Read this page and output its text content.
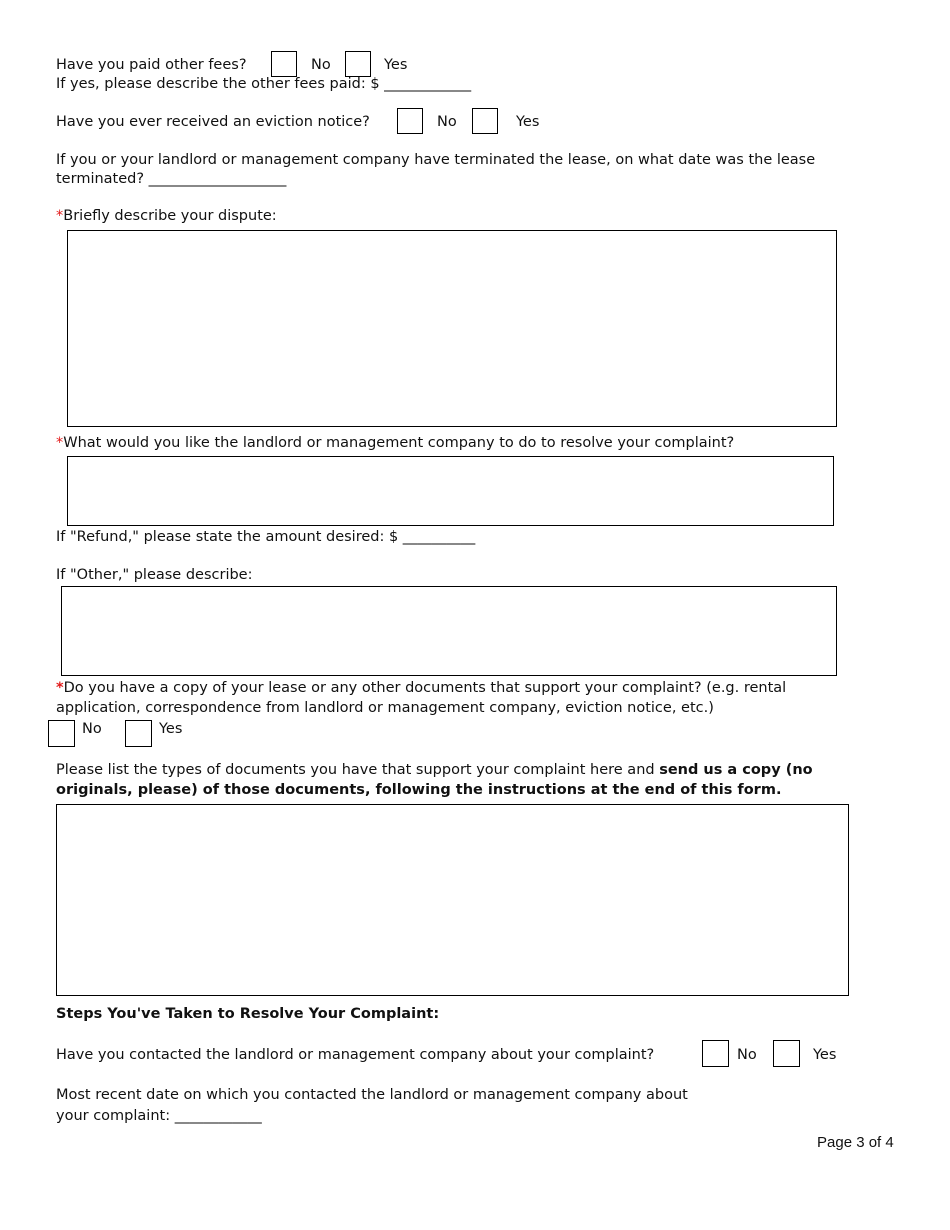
Have you paid other fees?	No	Yes
If yes, please describe the other fees paid: $ ____________
Have you ever received an eviction notice?	No	Yes
If you or your landlord or management company have terminated the lease, on what date was the lease
terminated? ___________________
*Briefly describe your dispute:
*What would you like the landlord or management company to do to resolve your complaint?
If "Refund," please state the amount desired: $ __________
If "Other," please describe:
*Do you have a copy of your lease or any other documents that support your complaint? (e.g. rental
application, correspondence from landlord or management company, eviction notice, etc.)
No	Yes
Please list the types of documents you have that support your complaint here and send us a copy (no
originals, please) of those documents, following the instructions at the end of this form.
Steps You've Taken to Resolve Your Complaint:
Have you contacted the landlord or management company about your complaint?	No	Yes
Most recent date on which you contacted the landlord or management company about
your complaint: ____________
Page 3 of 4
